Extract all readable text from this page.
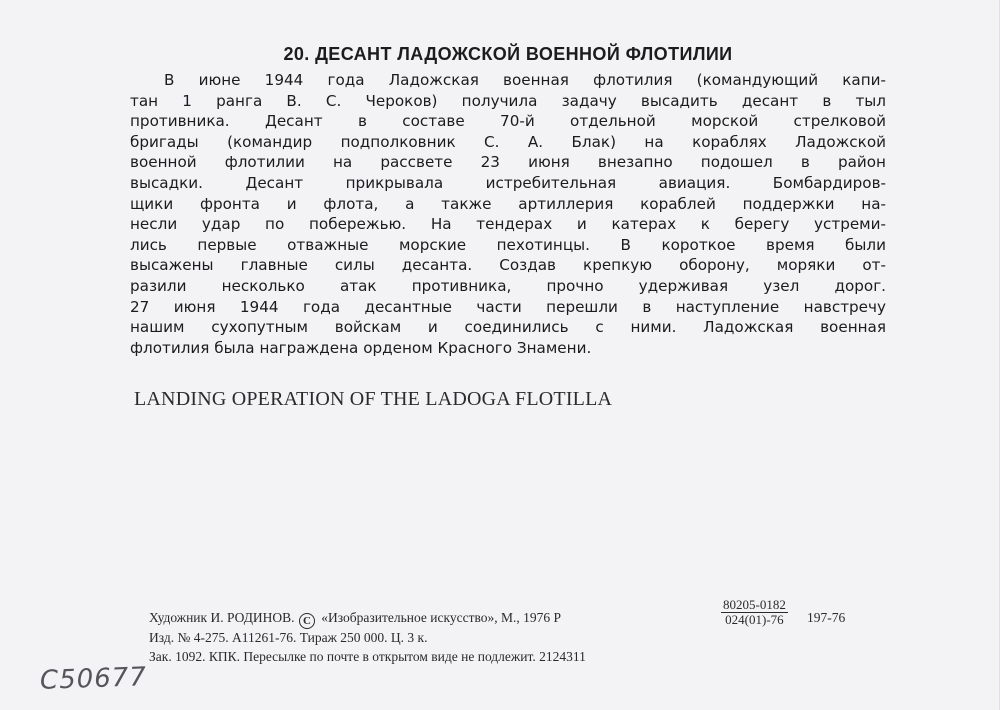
20. ДЕСАНТ ЛАДОЖСКОЙ ВОЕННОЙ ФЛОТИЛИИ
В июне 1944 года Ладожская военная флотилия (командующий капи-
тан 1 ранга В. С. Чероков) получила задачу высадить десант в тыл
противника. Десант в составе 70-й отдельной морской стрелковой
бригады (командир подполковник С. А. Блак) на кораблях Ладожской
военной флотилии на рассвете 23 июня внезапно подошел в район
высадки. Десант прикрывала истребительная авиация. Бомбардиров-
щики фронта и флота, а также артиллерия кораблей поддержки на-
несли удар по побережью. На тендерах и катерах к берегу устреми-
лись первые отважные морские пехотинцы. В короткое время были
высажены главные силы десанта. Создав крепкую оборону, моряки от-
разили несколько атак противника, прочно удерживая узел дорог.
27 июня 1944 года десантные части перешли в наступление навстречу
нашим сухопутным войскам и соединились с ними. Ладожская военная
флотилия была награждена орденом Красного Знамени.
LANDING OPERATION OF THE LADOGA FLOTILLA
Художник И. РОДИНОВ. C «Изобразительное искусство», М., 1976 Р	$\frac{80205-0182}{024(01)-76} 197-76$
Изд. № 4-275. А11261-76. Тираж 250 000. Ц. 3 к.
Зак. 1092. КПК. Пересылке по почте в открытом виде не подлежит. 2124311
C50677
